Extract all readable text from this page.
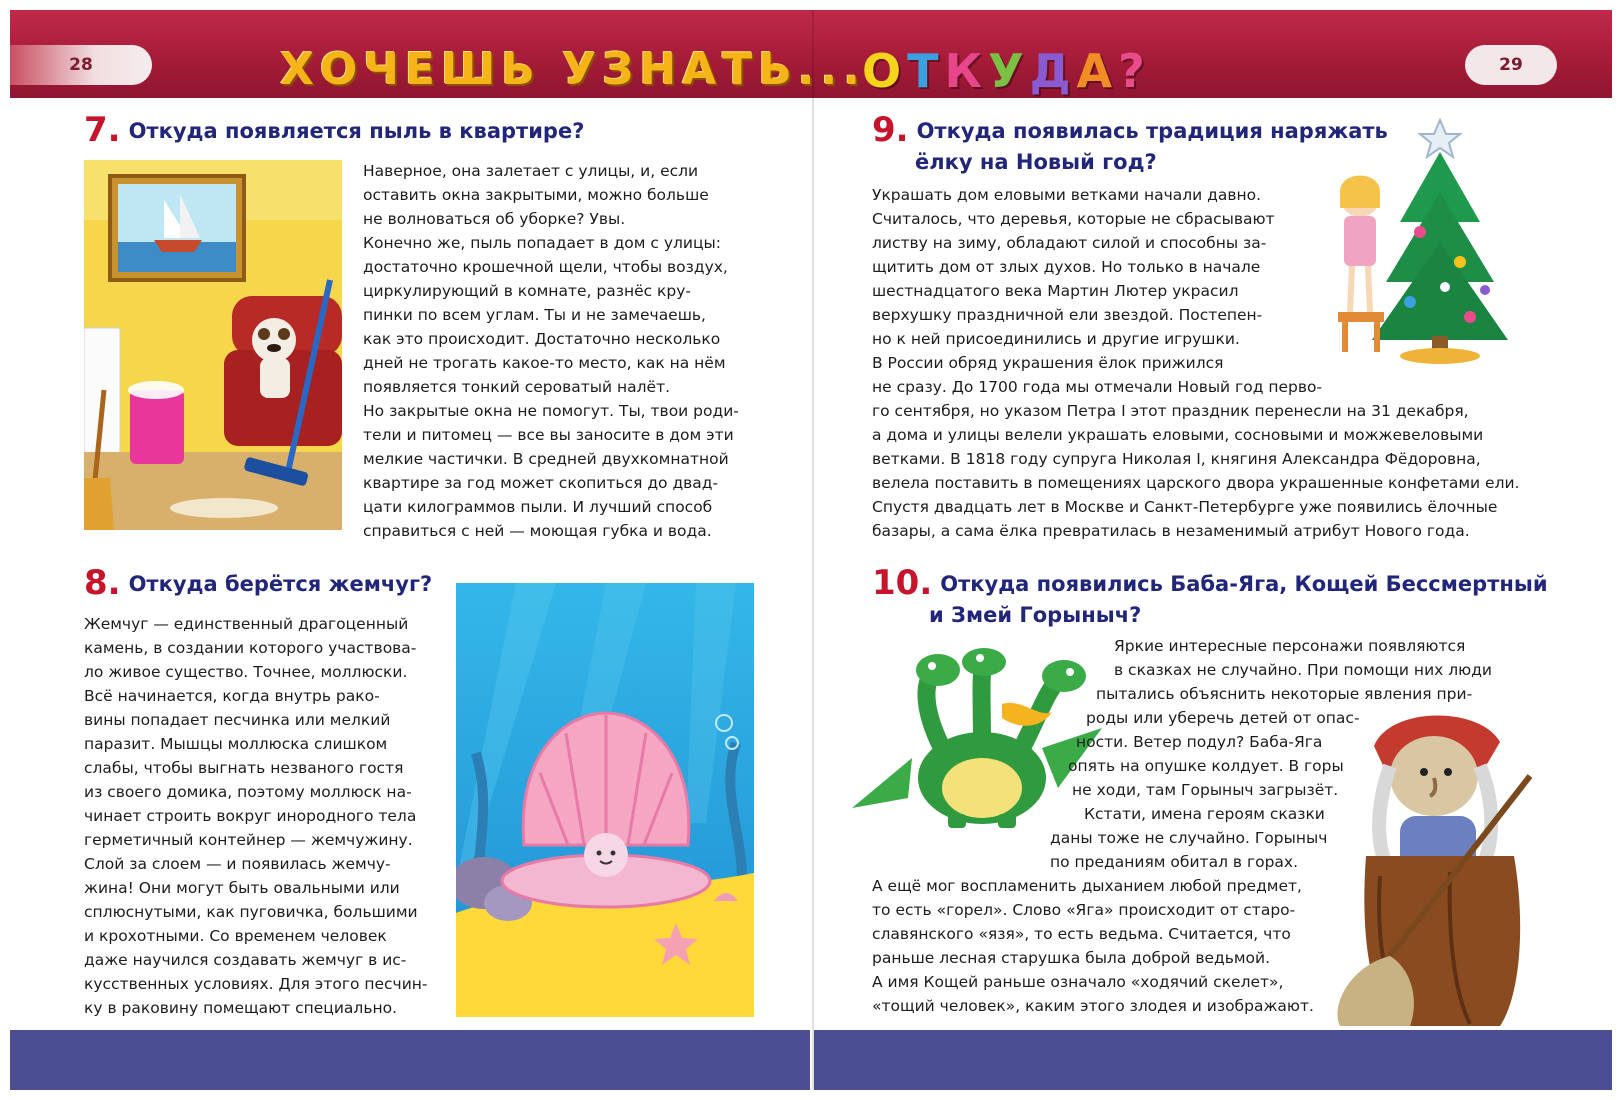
28	29
ХОЧЕШЬ УЗНАТЬ...
ОТКУДА?
7. Откуда появляется пыль в квартире?

Наверное, она залетает с улицы, и, если

оставить окна закрытыми, можно больше

не волноваться об уборке? Увы.

Конечно же, пыль попадает в дом с улицы:

достаточно крошечной щели, чтобы воздух,

циркулирующий в комнате, разнёс кру-

пинки по всем углам. Ты и не замечаешь,

как это происходит. Достаточно несколько

дней не трогать какое-то место, как на нём

появляется тонкий сероватый налёт.

Но закрытые окна не помогут. Ты, твои роди-

тели и питомец — все вы заносите в дом эти

мелкие частички. В средней двухкомнатной

квартире за год может скопиться до двад-

цати килограммов пыли. И лучший способ

справиться с ней — моющая губка и вода.

8. Откуда берётся жемчуг?

Жемчуг — единственный драгоценный

камень, в создании которого участвова-

ло живое существо. Точнее, моллюски.

Всё начинается, когда внутрь рако-

вины попадает песчинка или мелкий

паразит. Мышцы моллюска слишком

слабы, чтобы выгнать незваного гостя

из своего домика, поэтому моллюск на-

чинает строить вокруг инородного тела

герметичный контейнер — жемчужину.

Слой за слоем — и появилась жемчу-

жина! Они могут быть овальными или

сплюснутыми, как пуговичка, большими

и крохотными. Со временем человек

даже научился создавать жемчуг в ис-

кусственных условиях. Для этого песчин-

ку в раковину помещают специально.

9. Откуда появилась традиция наряжать
ёлку на Новый год?

Украшать дом еловыми ветками начали давно.

Считалось, что деревья, которые не сбрасывают

листву на зиму, обладают силой и способны за-

щитить дом от злых духов. Но только в начале

шестнадцатого века Мартин Лютер украсил

верхушку праздничной ели звездой. Постепен-

но к ней присоединились и другие игрушки.

В России обряд украшения ёлок прижился

не сразу. До 1700 года мы отмечали Новый год перво-

го сентября, но указом Петра I этот праздник перенесли на 31 декабря,

а дома и улицы велели украшать еловыми, сосновыми и можжевеловыми

ветками. В 1818 году супруга Николая I, княгиня Александра Фёдоровна,

велела поставить в помещениях царского двора украшенные конфетами ели.

Спустя двадцать лет в Москве и Санкт-Петербурге уже появились ёлочные

базары, а сама ёлка превратилась в незаменимый атрибут Нового года.

10. Откуда появились Баба-Яга, Кощей Бессмертный
и Змей Горыныч?

Яркие интересные персонажи появляются

в сказках не случайно. При помощи них люди

пытались объяснить некоторые явления при-

роды или уберечь детей от опас-

ности. Ветер подул? Баба-Яга

опять на опушке колдует. В горы

не ходи, там Горыныч загрызёт.

Кстати, имена героям сказки

даны тоже не случайно. Горыныч

по преданиям обитал в горах.

А ещё мог воспламенить дыханием любой предмет,

то есть «горел». Слово «Яга» происходит от старо-

славянского «язя», то есть ведьма. Считается, что

раньше лесная старушка была доброй ведьмой.

А имя Кощей раньше означало «ходячий скелет»,

«тощий человек», каким этого злодея и изображают.
